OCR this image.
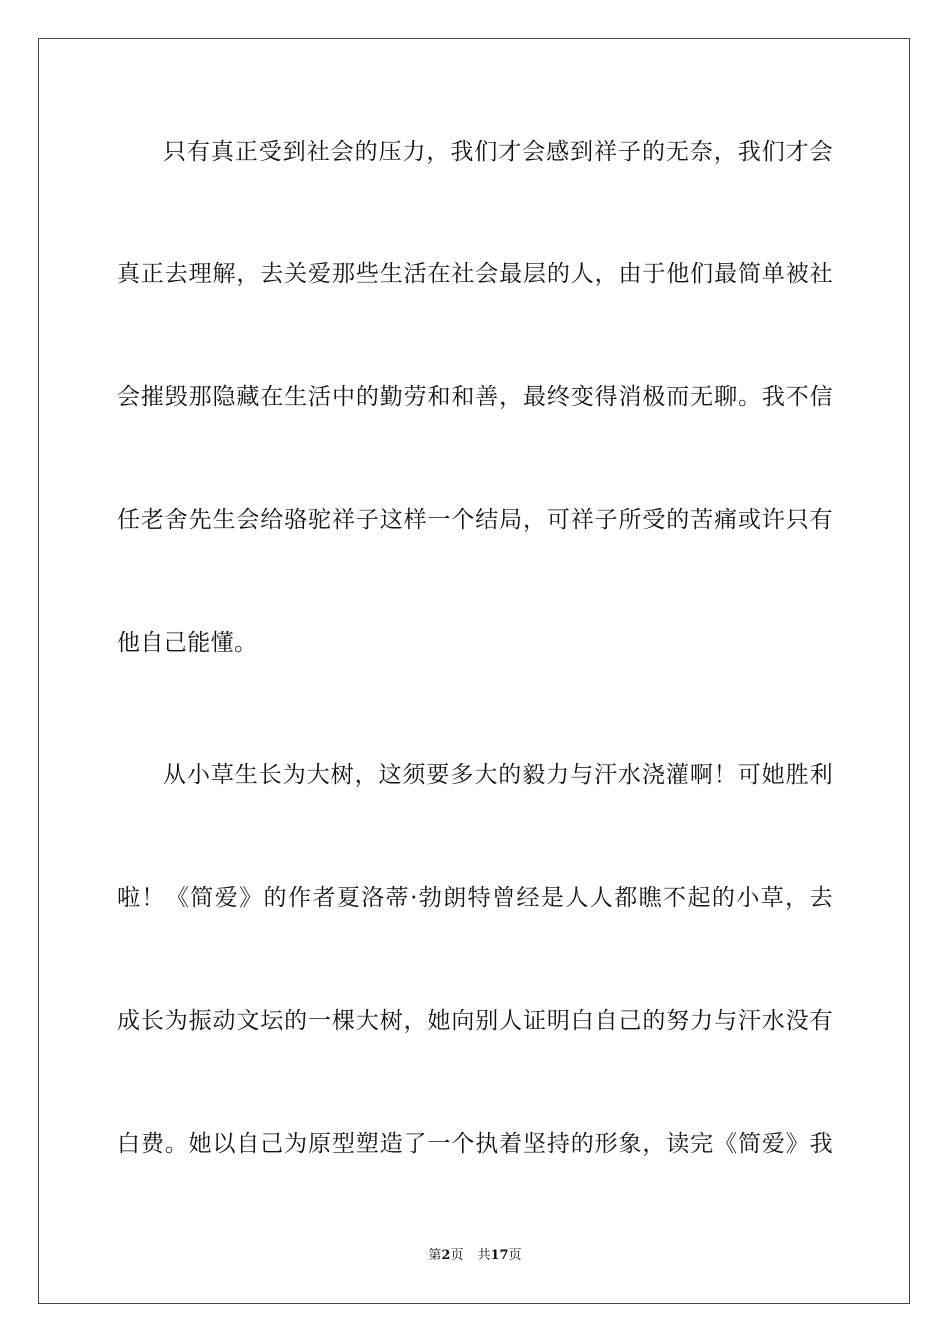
只有真正受到社会的压力，我们才会感到祥子的无奈，我们才会
真正去理解，去关爱那些生活在社会最层的人，由于他们最简单被社
会摧毁那隐藏在生活中的勤劳和和善，最终变得消极而无聊。我不信
任老舍先生会给骆驼祥子这样一个结局，可祥子所受的苦痛或许只有
他自己能懂。
从小草生长为大树，这须要多大的毅力与汗水浇灌啊！可她胜利
啦！《简爱》的作者夏洛蒂·勃朗特曾经是人人都瞧不起的小草，去
成长为振动文坛的一棵大树，她向别人证明白自己的努力与汗水没有
白费。她以自己为原型塑造了一个执着坚持的形象，读完《简爱》我
第2页 共17页
